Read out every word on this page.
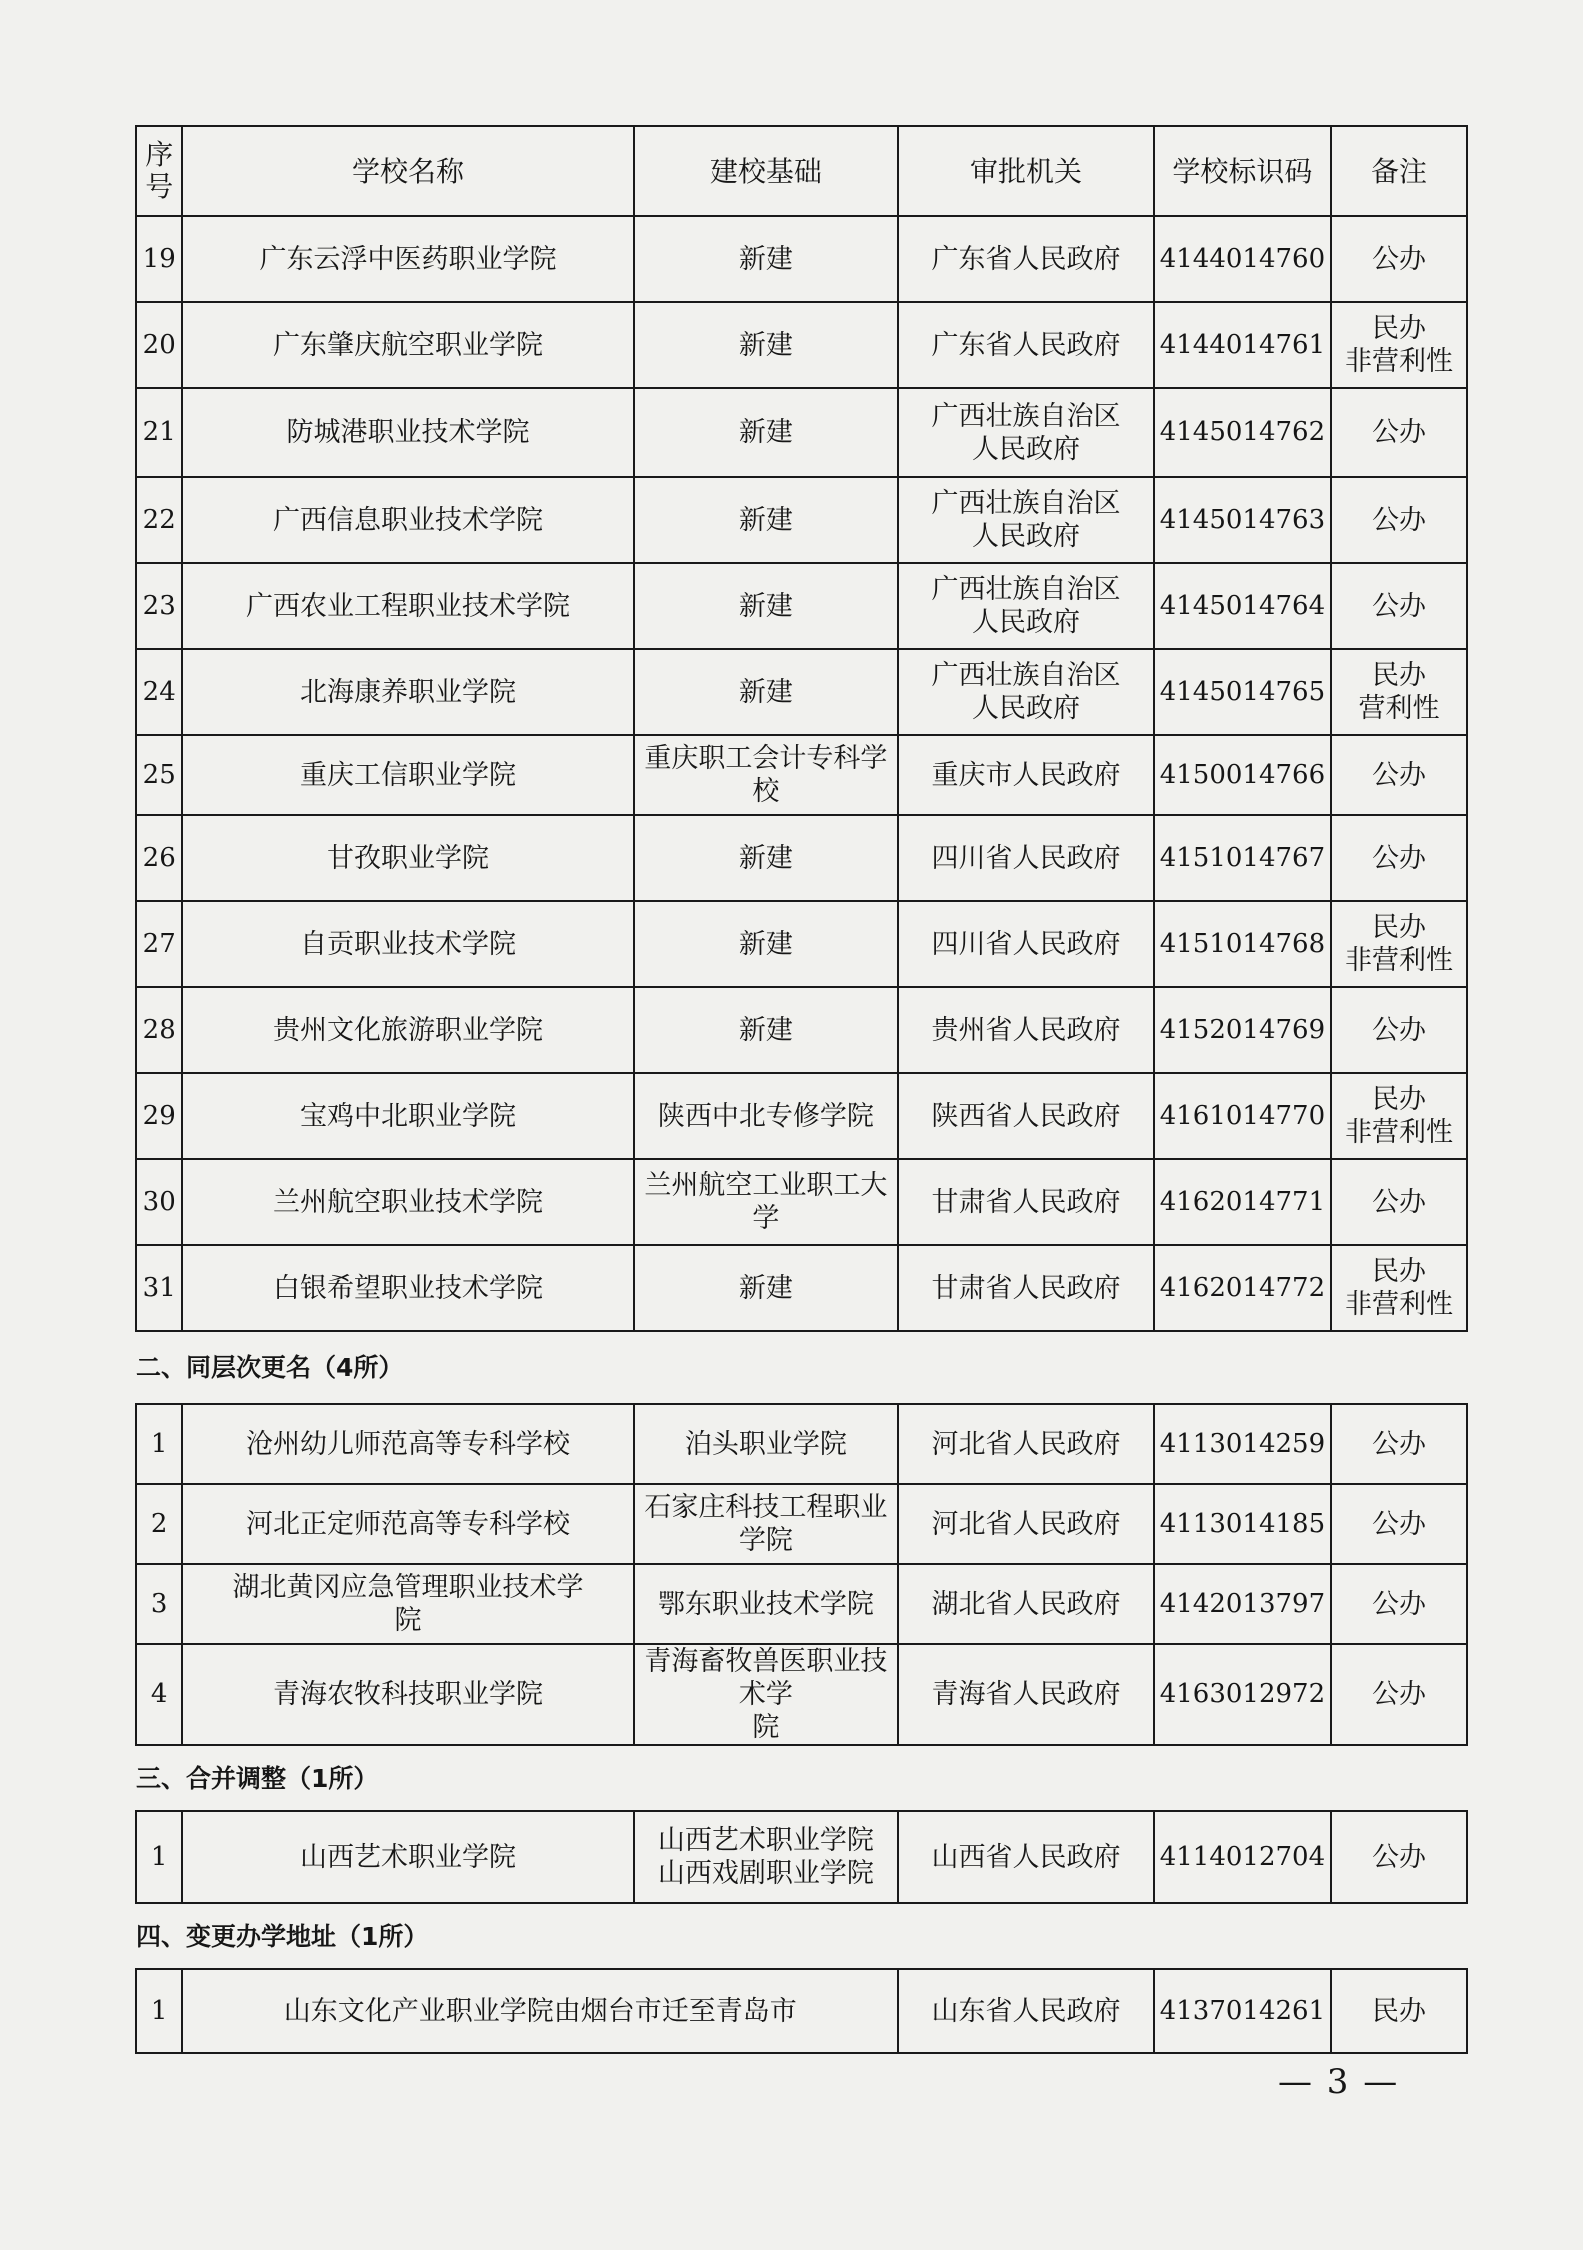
序号	学校名称	建校基础	审批机关	学校标识码	备注
19	广东云浮中医药职业学院	新建	广东省人民政府	4144014760	公办

20	广东肇庆航空职业学院	新建	广东省人民政府	4144014761	民办
非营利性

21	防城港职业技术学院	新建	广西壮族自治区
人民政府	4145014762	公办

22	广西信息职业技术学院	新建	广西壮族自治区
人民政府	4145014763	公办

23	广西农业工程职业技术学院	新建	广西壮族自治区
人民政府	4145014764	公办

24	北海康养职业学院	新建	广西壮族自治区
人民政府	4145014765	民办
营利性

25	重庆工信职业学院	重庆职工会计专科学校	重庆市人民政府	4150014766	公办

26	甘孜职业学院	新建	四川省人民政府	4151014767	公办

27	自贡职业技术学院	新建	四川省人民政府	4151014768	民办
非营利性

28	贵州文化旅游职业学院	新建	贵州省人民政府	4152014769	公办

29	宝鸡中北职业学院	陕西中北专修学院	陕西省人民政府	4161014770	民办
非营利性

30	兰州航空职业技术学院	兰州航空工业职工大学	甘肃省人民政府	4162014771	公办

31	白银希望职业技术学院	新建	甘肃省人民政府	4162014772	民办
非营利性

二、同层次更名（4所）					
1	沧州幼儿师范高等专科学校	泊头职业学院	河北省人民政府	4113014259	公办
2	河北正定师范高等专科学校	石家庄科技工程职业学院	河北省人民政府	4113014185	公办
3	湖北黄冈应急管理职业技术学
院	鄂东职业技术学院	湖北省人民政府	4142013797	公办
4	青海农牧科技职业学院	青海畜牧兽医职业技术学
院	青海省人民政府	4163012972	公办
三、合并调整（1所）					
1	山西艺术职业学院	山西艺术职业学院
山西戏剧职业学院	山西省人民政府	4114012704	公办
四、变更办学地址（1所）					
1	山东文化产业职业学院由烟台市迁至青岛市		山东省人民政府	4137014261	民办
— 3 —
